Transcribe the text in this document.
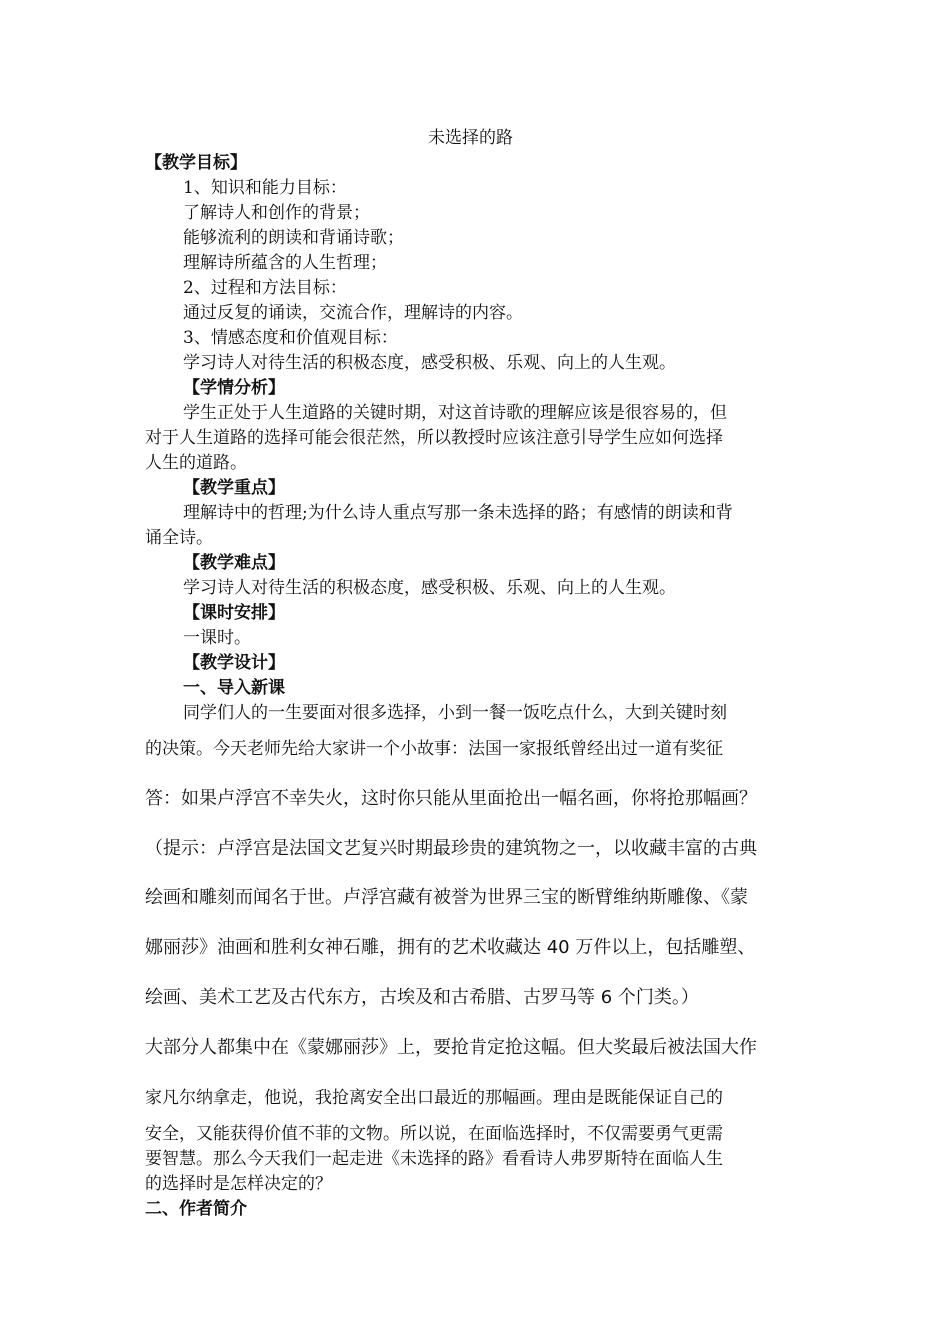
未选择的路
【教学目标】
1、知识和能力目标：
了解诗人和创作的背景；
能够流利的朗读和背诵诗歌；
理解诗所蕴含的人生哲理；
2、过程和方法目标：
通过反复的诵读，交流合作，理解诗的内容。
3、情感态度和价值观目标：
学习诗人对待生活的积极态度，感受积极、乐观、向上的人生观。
【学情分析】
学生正处于人生道路的关键时期，对这首诗歌的理解应该是很容易的，但
对于人生道路的选择可能会很茫然，所以教授时应该注意引导学生应如何选择
人生的道路。
【教学重点】
理解诗中的哲理;为什么诗人重点写那一条未选择的路；有感情的朗读和背
诵全诗。
【教学难点】
学习诗人对待生活的积极态度，感受积极、乐观、向上的人生观。
【课时安排】
一课时。
【教学设计】
一、导入新课
同学们人的一生要面对很多选择，小到一餐一饭吃点什么，大到关键时刻
的决策。今天老师先给大家讲一个小故事：法国一家报纸曾经出过一道有奖征
答：如果卢浮宫不幸失火，这时你只能从里面抢出一幅名画，你将抢那幅画？
（提示：卢浮宫是法国文艺复兴时期最珍贵的建筑物之一，以收藏丰富的古典
绘画和雕刻而闻名于世。卢浮宫藏有被誉为世界三宝的断臂维纳斯雕像、《蒙
娜丽莎》油画和胜利女神石雕，拥有的艺术收藏达 40 万件以上，包括雕塑、
绘画、美术工艺及古代东方，古埃及和古希腊、古罗马等 6 个门类。）
大部分人都集中在《蒙娜丽莎》上，要抢肯定抢这幅。但大奖最后被法国大作
家凡尔纳拿走，他说，我抢离安全出口最近的那幅画。理由是既能保证自己的
安全，又能获得价值不菲的文物。所以说，在面临选择时，不仅需要勇气更需
要智慧。那么今天我们一起走进《未选择的路》看看诗人弗罗斯特在面临人生
的选择时是怎样决定的？
二、作者简介
